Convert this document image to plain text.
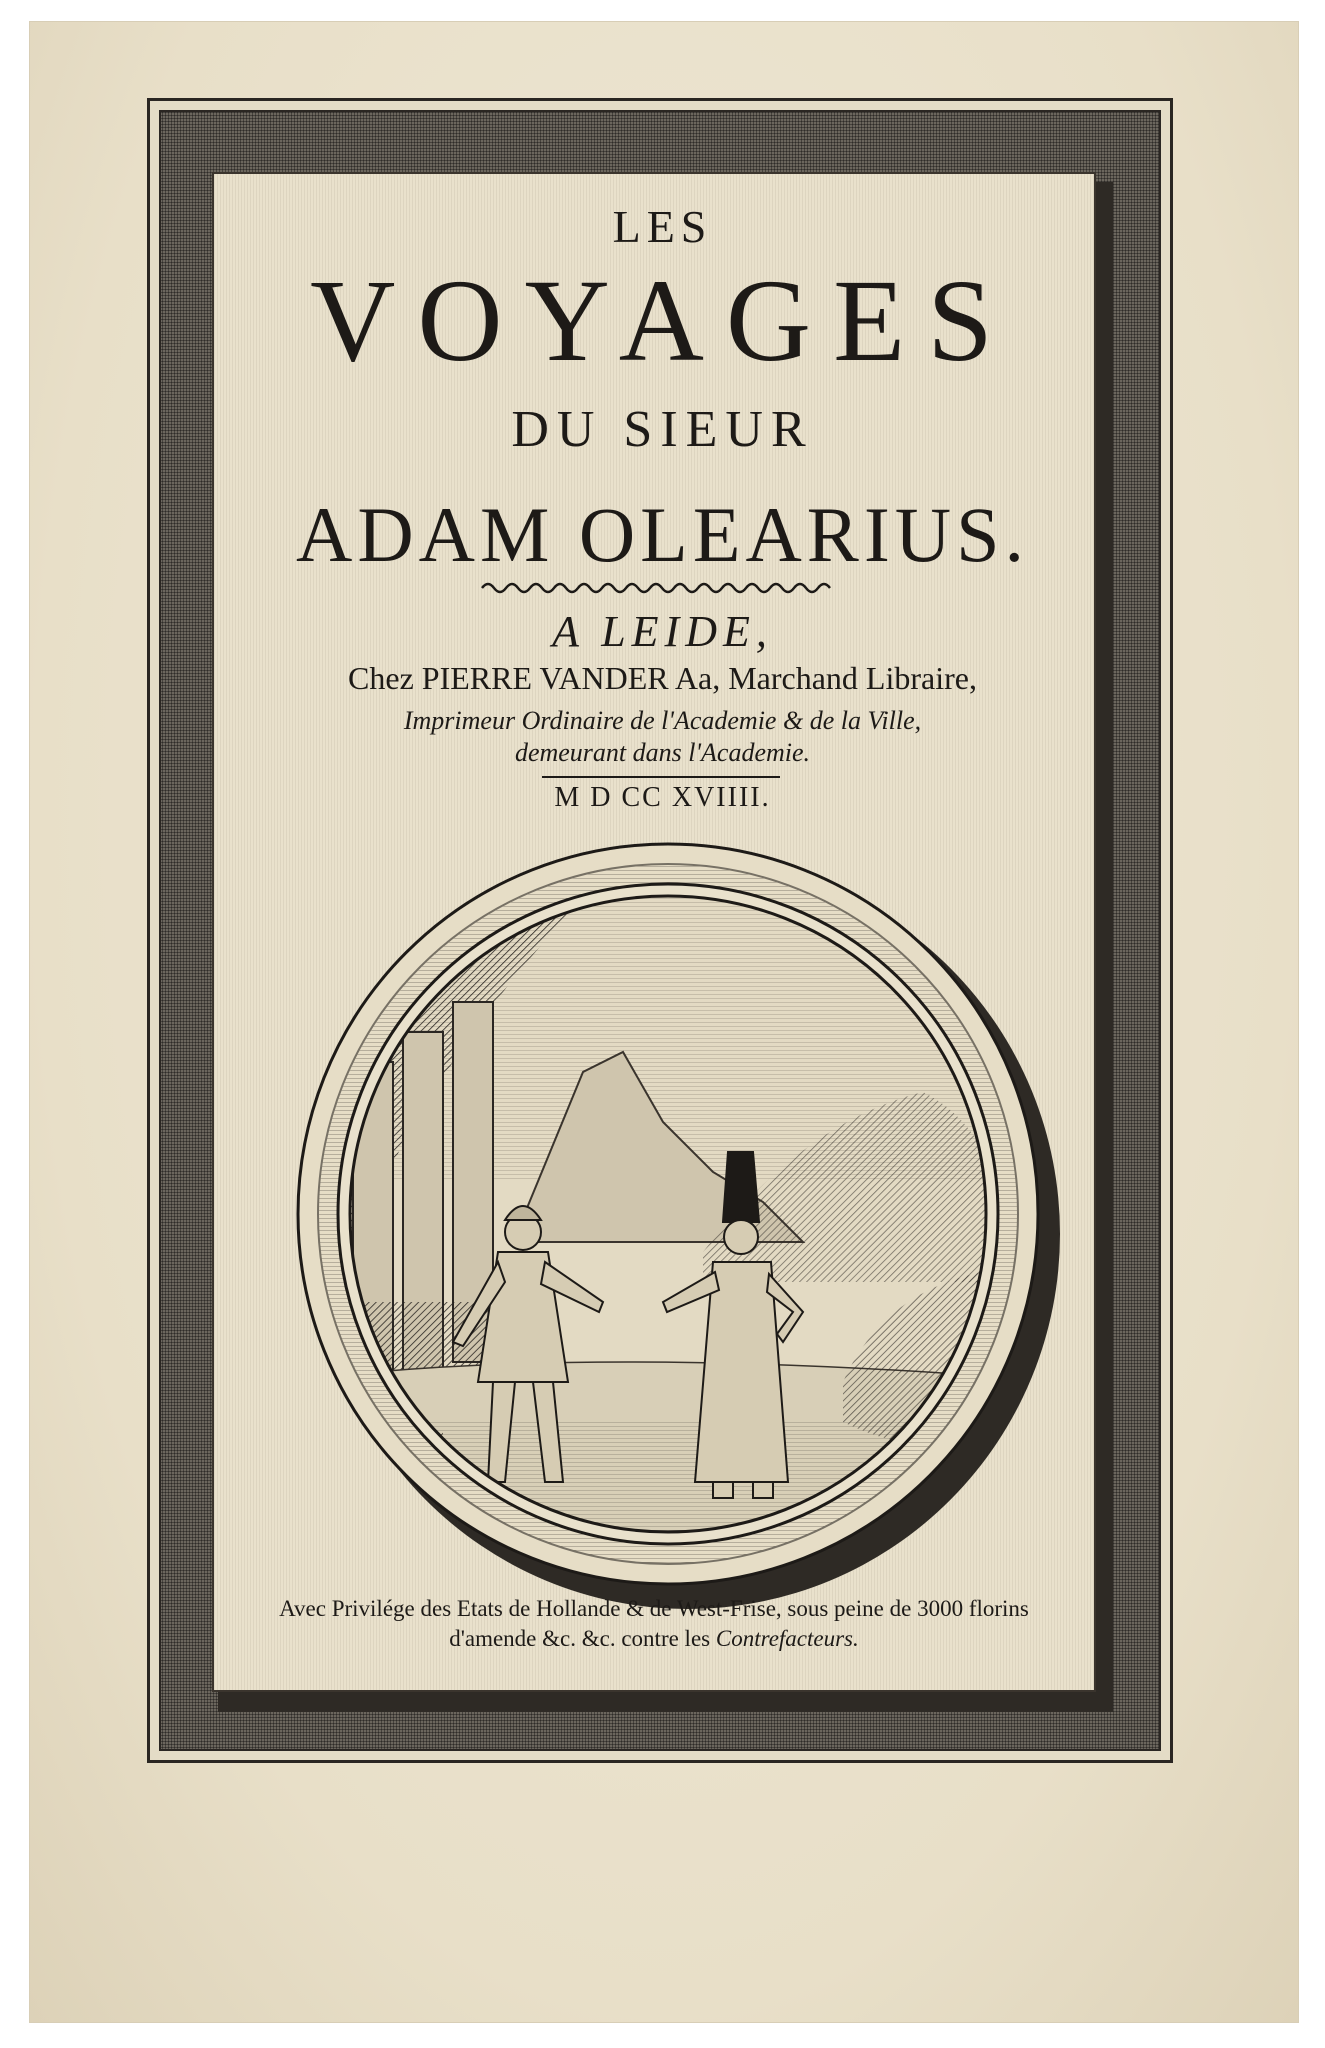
LES
VOYAGES
DU SIEUR
ADAM OLEARIUS.
A LEIDE,
Chez PIERRE VANDER Aa, Marchand Libraire,
Imprimeur Ordinaire de l'Academie & de la Ville,
demeurant dans l'Academie.
M D CC XVIIII.
Avec Privilége des Etats de Hollande & de West-Frise, sous peine de 3000 florins
d'amende &c. &c. contre les Contrefacteurs.
